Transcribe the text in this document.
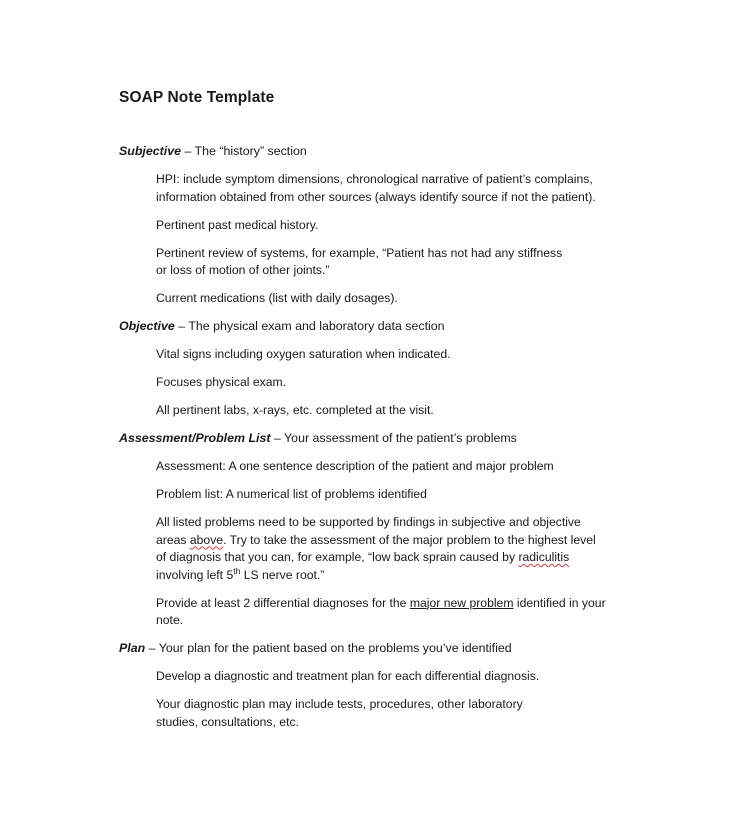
SOAP Note Template
Subjective – The “history” section
HPI: include symptom dimensions, chronological narrative of patient’s complains, information obtained from other sources (always identify source if not the patient).
Pertinent past medical history.
Pertinent review of systems, for example, “Patient has not had any stiffness or loss of motion of other joints.”
Current medications (list with daily dosages).
Objective – The physical exam and laboratory data section
Vital signs including oxygen saturation when indicated.
Focuses physical exam.
All pertinent labs, x-rays, etc. completed at the visit.
Assessment/Problem List – Your assessment of the patient’s problems
Assessment: A one sentence description of the patient and major problem
Problem list: A numerical list of problems identified
All listed problems need to be supported by findings in subjective and objective areas above. Try to take the assessment of the major problem to the highest level of diagnosis that you can, for example, “low back sprain caused by radiculitis involving left 5th LS nerve root.”
Provide at least 2 differential diagnoses for the major new problem identified in your note.
Plan – Your plan for the patient based on the problems you’ve identified
Develop a diagnostic and treatment plan for each differential diagnosis.
Your diagnostic plan may include tests, procedures, other laboratory studies, consultations, etc.
